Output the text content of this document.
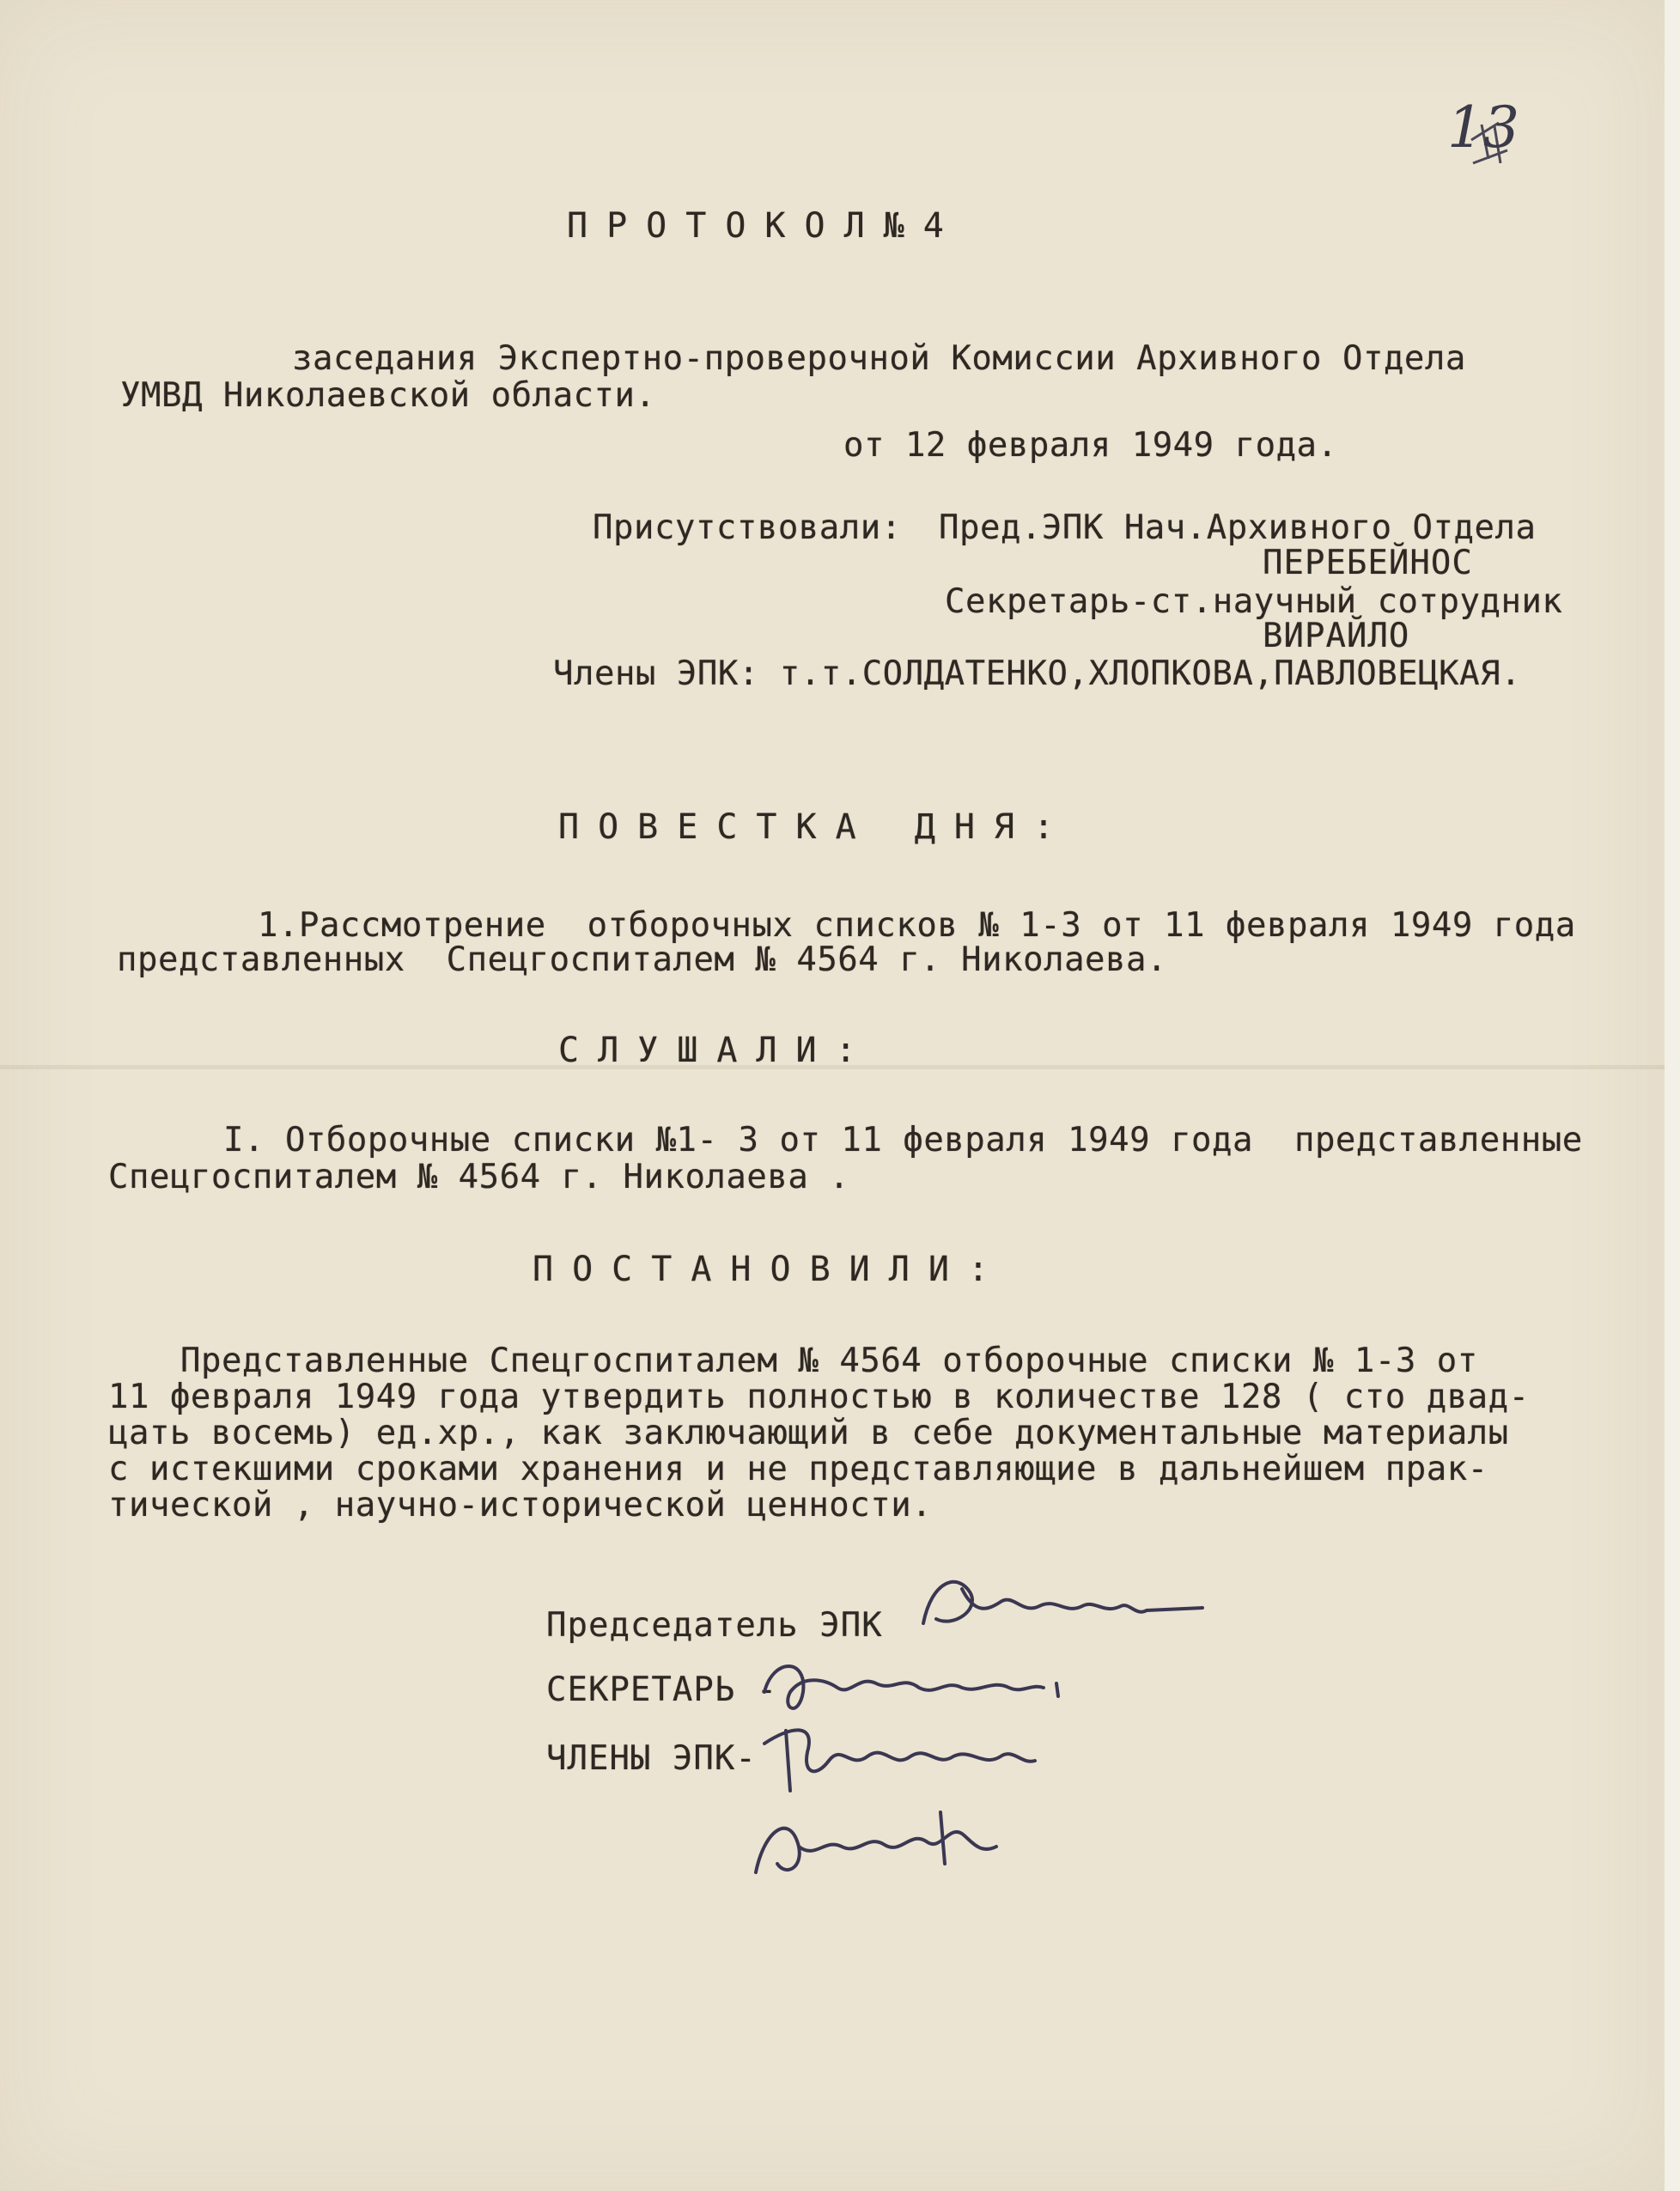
13
ПРОТОКОЛ№4
заседания Экспертно-проверочной Комиссии Архивного Отдела
УМВД Николаевской области.
от 12 февраля 1949 года.
Присутствовали: Пред.ЭПК Нач.Архивного Отдела
ПЕРЕБЕЙНОС
Секретарь-ст.научный сотрудник
ВИРАЙЛО
Члены ЭПК: т.т.СОЛДАТЕНКО,ХЛОПКОВА,ПАВЛОВЕЦКАЯ.
ПОВЕСТКА ДНЯ:
1.Рассмотрение  отборочных списков № 1-3 от 11 февраля 1949 года
представленных  Спецгоспиталем № 4564 г. Николаева.
СЛУШАЛИ:
I. Отборочные списки №1- 3 от 11 февраля 1949 года  представленные
Спецгоспиталем № 4564 г. Николаева .
ПОСТАНОВИЛИ:
Представленные Спецгоспиталем № 4564 отборочные списки № 1-3 от
11 февраля 1949 года утвердить полностью в количестве 128 ( сто двад-
цать восемь) ед.хр., как заключающий в себе документальные материалы
с истекшими сроками хранения и не представляющие в дальнейшем прак-
тической , научно-исторической ценности.
Председатель ЭПК
СЕКРЕТАРЬ -
ЧЛЕНЫ ЭПК-
